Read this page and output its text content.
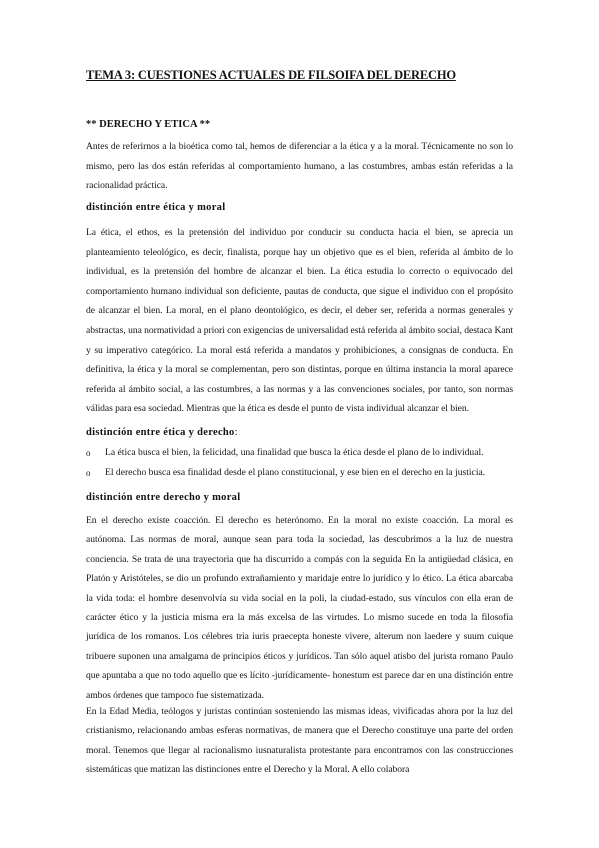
TEMA 3: CUESTIONES ACTUALES DE FILSOIFA DEL DERECHO
** DERECHO Y ETICA **
Antes de referirnos a la bioética como tal, hemos de diferenciar a la ética y a la moral. Técnicamente no son lo mismo, pero las dos están referidas al comportamiento humano, a las costumbres, ambas están referidas a la racionalidad práctica.
distinción entre ética y moral
La ética, el ethos, es la pretensión del individuo por conducir su conducta hacia el bien, se aprecia un planteamiento teleológico, es decir, finalista, porque hay un objetivo que es el bien, referida al ámbito de lo individual, es la pretensión del hombre de alcanzar el bien. La ética estudia lo correcto o equivocado del comportamiento humano individual son deficiente, pautas de conducta, que sigue el individuo con el propósito de alcanzar el bien. La moral, en el plano deontológico, es decir, el deber ser, referida a normas generales y abstractas, una normatividad a priori con exigencias de universalidad está referida al ámbito social, destaca Kant y su imperativo categórico. La moral está referida a mandatos y prohibiciones, a consignas de conducta. En definitiva, la ética y la moral se complementan, pero son distintas, porque en última instancia la moral aparece referida al ámbito social, a las costumbres, a las normas y a las convenciones sociales, por tanto, son normas válidas para esa sociedad. Mientras que la ética es desde el punto de vista individual alcanzar el bien.
distinción entre ética y derecho:
o La ética busca el bien, la felicidad, una finalidad que busca la ética desde el plano de lo individual.
o El derecho busca esa finalidad desde el plano constitucional, y ese bien en el derecho en la justicia.
distinción entre derecho y moral
En el derecho existe coacción. El derecho es heterónomo. En la moral no existe coacción. La moral es autónoma. Las normas de moral, aunque sean para toda la sociedad, las descubrimos a la luz de nuestra conciencia. Se trata de una trayectoria que ha discurrido a compás con la seguida En la antigüedad clásica, en Platón y Aristóteles, se dio un profundo extrañamiento y maridaje entre lo jurídico y lo ético. La ética abarcaba la vida toda: el hombre desenvolvía su vida social en la poli, la ciudad-estado, sus vínculos con ella eran de carácter ético y la justicia misma era la más excelsa de las virtudes. Lo mismo sucede en toda la filosofía jurídica de los romanos. Los célebres tria iuris praecepta honeste vivere, alterum non laedere y suum cuique tribuere suponen una amalgama de principios éticos y jurídicos. Tan sólo aquel atisbo del jurista romano Paulo que apuntaba a que no todo aquello que es lícito -jurídicamente- honestum est parece dar en una distinción entre ambos órdenes que tampoco fue sistematizada.
En la Edad Media, teólogos y juristas continúan sosteniendo las mismas ideas, vivificadas ahora por la luz del cristianismo, relacionando ambas esferas normativas, de manera que el Derecho constituye una parte del orden moral. Tenemos que llegar al racionalismo iusnaturalista protestante para encontramos con las construcciones sistemáticas que matizan las distinciones entre el Derecho y la Moral. A ello colabora
